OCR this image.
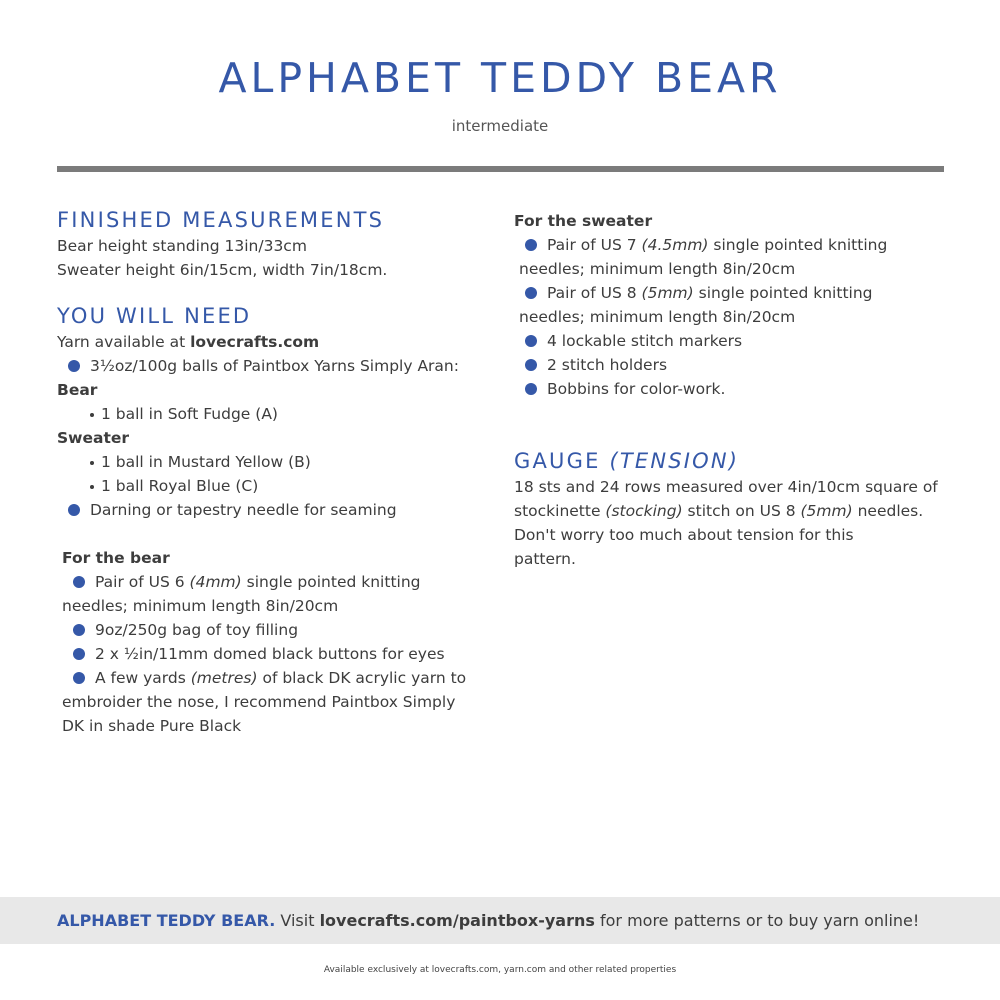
ALPHABET TEDDY BEAR
intermediate
FINISHED MEASUREMENTS

Bear height standing 13in/33cm

Sweater height 6in/15cm, width 7in/18cm.

YOU WILL NEED

Yarn available at lovecrafts.com

3½oz/100g balls of Paintbox Yarns Simply Aran:

Bear

1 ball in Soft Fudge (A)

Sweater

1 ball in Mustard Yellow (B)

1 ball Royal Blue (C)

Darning or tapestry needle for seaming

For the bear

Pair of US 6 (4mm) single pointed knitting

needles; minimum length 8in/20cm

9oz/250g bag of toy filling

2 x ½in/11mm domed black buttons for eyes

A few yards (metres) of black DK acrylic yarn to

embroider the nose, I recommend Paintbox Simply

DK in shade Pure Black

For the sweater

Pair of US 7 (4.5mm) single pointed knitting

needles; minimum length 8in/20cm

Pair of US 8 (5mm) single pointed knitting

needles; minimum length 8in/20cm

4 lockable stitch markers

2 stitch holders

Bobbins for color-work.

GAUGE (TENSION)

18 sts and 24 rows measured over 4in/10cm square of

stockinette (stocking) stitch on US 8 (5mm) needles.

Don't worry too much about tension for this

pattern.

ALPHABET TEDDY BEAR. Visit lovecrafts.com/paintbox-yarns for more patterns or to buy yarn online!
Available exclusively at lovecrafts.com, yarn.com and other related properties
